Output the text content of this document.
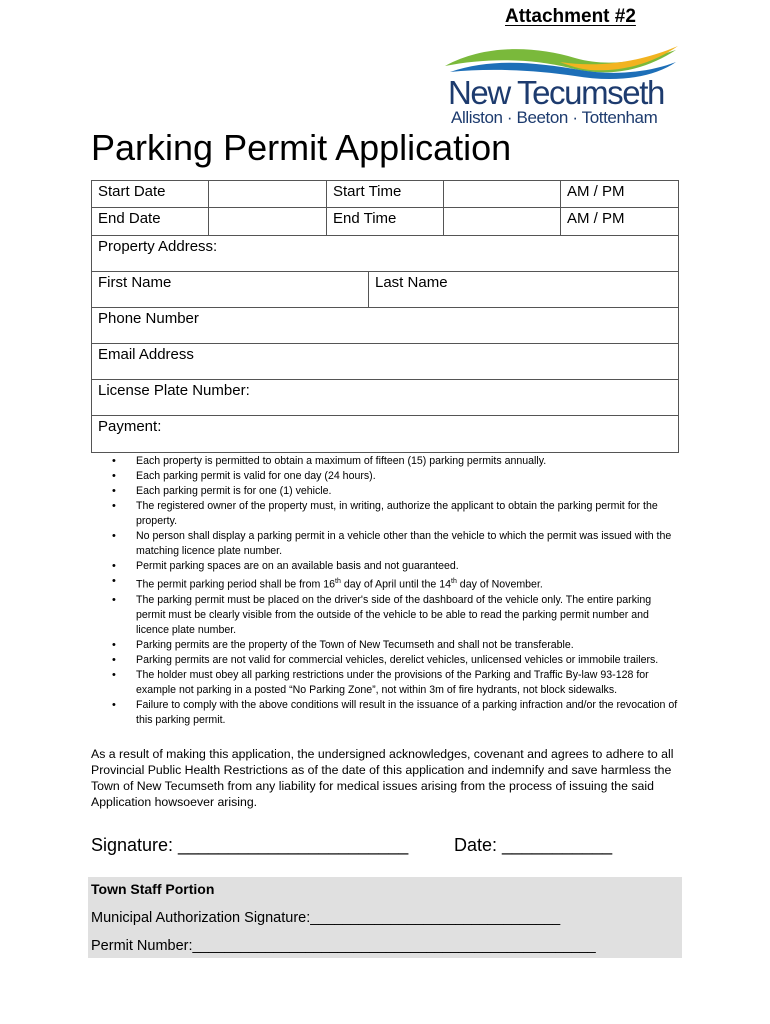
Attachment #2
New Tecumseth
Alliston · Beeton · Tottenham
Parking Permit Application
Start Date	Start Time	AM / PM
End Date	End Time	AM / PM
Property Address:
First Name	Last Name
Phone Number
Email Address
License Plate Number:
Payment:
• Each property is permitted to obtain a maximum of fifteen (15) parking permits annually.
• Each parking permit is valid for one day (24 hours).
• Each parking permit is for one (1) vehicle.
• The registered owner of the property must, in writing, authorize the applicant to obtain the parking permit for the property.
• No person shall display a parking permit in a vehicle other than the vehicle to which the permit was issued with the matching licence plate number.
• Permit parking spaces are on an available basis and not guaranteed.
• The permit parking period shall be from 16th day of April until the 14th day of November.
• The parking permit must be placed on the driver's side of the dashboard of the vehicle only. The entire parking permit must be clearly visible from the outside of the vehicle to be able to read the parking permit number and licence plate number.
• Parking permits are the property of the Town of New Tecumseth and shall not be transferable.
• Parking permits are not valid for commercial vehicles, derelict vehicles, unlicensed vehicles or immobile trailers.
• The holder must obey all parking restrictions under the provisions of the Parking and Traffic By-law 93-128 for example not parking in a posted “No Parking Zone”, not within 3m of fire hydrants, not block sidewalks.
• Failure to comply with the above conditions will result in the issuance of a parking infraction and/or the revocation of this parking permit.
As a result of making this application, the undersigned acknowledges, covenant and agrees to adhere to all Provincial Public Health Restrictions as of the date of this application and indemnify and save harmless the Town of New Tecumseth from any liability for medical issues arising from the process of issuing the said Application howsoever arising.
Signature: _______________________	Date: ___________
Town Staff Portion
Municipal Authorization Signature:_______________________________
Permit Number:__________________________________________________
